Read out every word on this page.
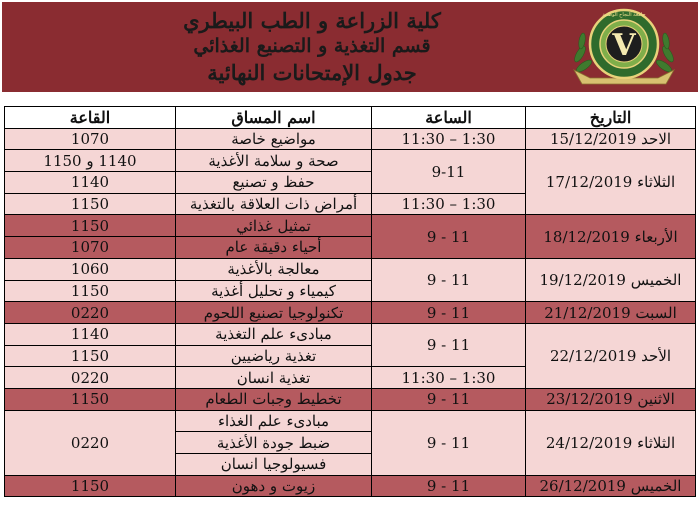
كلية الزراعة و الطب البيطري
قسم التغذية و التصنيع الغذائي
جدول الإمتحانات النهائية
جامعة النجاح الوطنية
V
التاريخ	الساعة	اسم المساق	القاعة
الاحد 15/12/2019	11:30 – 1:30	مواضيع خاصة	1070
الثلاثاء 17/12/2019	9-11	صحة و سلامة الأغذية	1140 و 1150
		حفظ و تصنيع	1140
	11:30 – 1:30	أمراض ذات العلاقة بالتغذية	1150
الأربعاء 18/12/2019	9 - 11	تمثيل غذائي	1150
		أحياء دقيقة عام	1070
الخميس 19/12/2019	9 - 11	معالجة بالأغذية	1060
		كيمياء و تحليل أغذية	1150
السبت 21/12/2019	9 - 11	تكنولوجيا تصنيع اللحوم	0220
الأحد 22/12/2019	9 - 11	مبادىء علم التغذية	1140
		تغذية رياضيين	1150
	11:30 – 1:30	تغذية انسان	0220
الاثنين 23/12/2019	9 - 11	تخطيط وجبات الطعام	1150
الثلاثاء 24/12/2019	9 - 11	مبادىء علم الغذاء	0220
		ضبط جودة الأغذية	
		فسيولوجيا انسان	
الخميس 26/12/2019	9 - 11	زيوت و دهون	1150
